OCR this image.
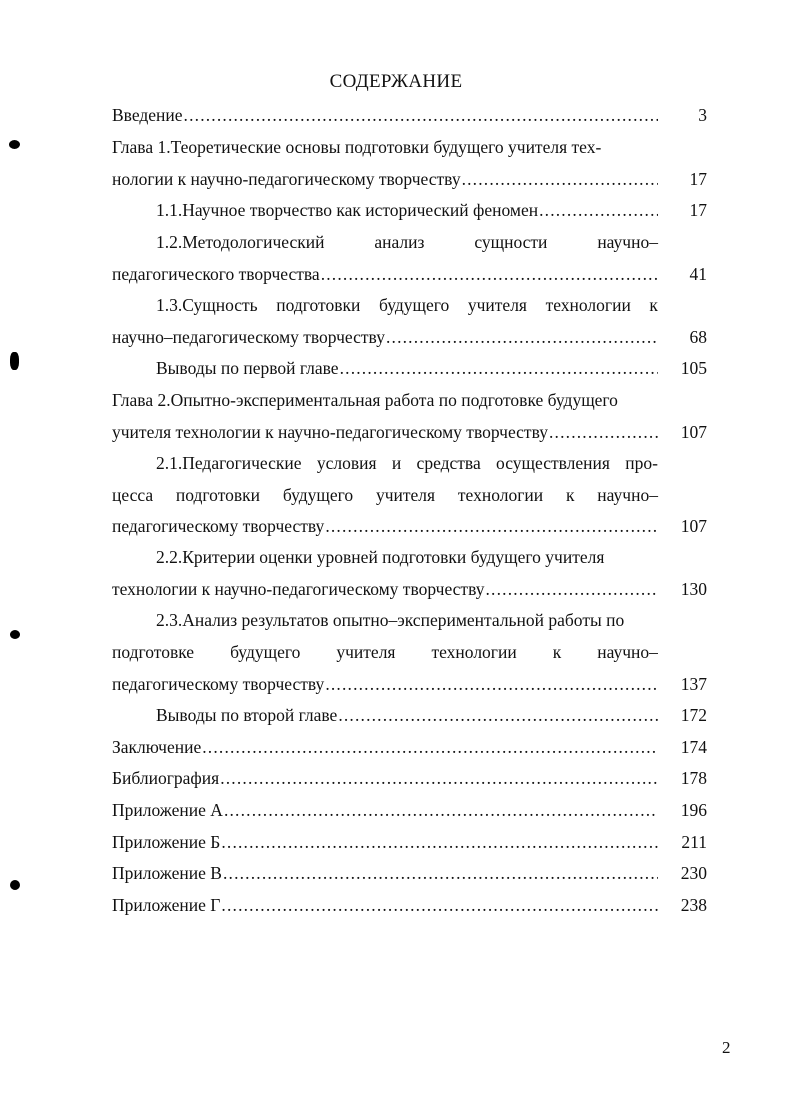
СОДЕРЖАНИЕ
Введение . . .	3
Глава 1.Теоретические основы подготовки будущего учителя тех-
нологии к научно-педагогическому творчеству . . .	17
1.1.Научное творчество как исторический феномен . . .	17
1.2.Методологический	анализ	сущности	научно–
педагогического творчества . . .	41
1.3.Сущность подготовки будущего учителя технологии к
научно–педагогическому творчеству . . .	68
Выводы по первой главе . . .	105
Глава 2.Опытно-экспериментальная работа по подготовке будущего
учителя технологии к научно-педагогическому творчеству . . .	107
2.1.Педагогические условия и средства осуществления про-
цесса подготовки будущего учителя технологии к научно–
педагогическому творчеству . . .	107
2.2.Критерии оценки уровней подготовки будущего учителя
технологии к научно-педагогическому творчеству . . .	130
2.3.Анализ результатов опытно–экспериментальной работы по
подготовке будущего учителя технологии к научно–
педагогическому творчеству . . .	137
Выводы по второй главе . . .	172
Заключение . . .	174
Библиография . . .	178
Приложение А . . .	196
Приложение Б . . .	211
Приложение В . . .	230
Приложение Г . . .	238
2
